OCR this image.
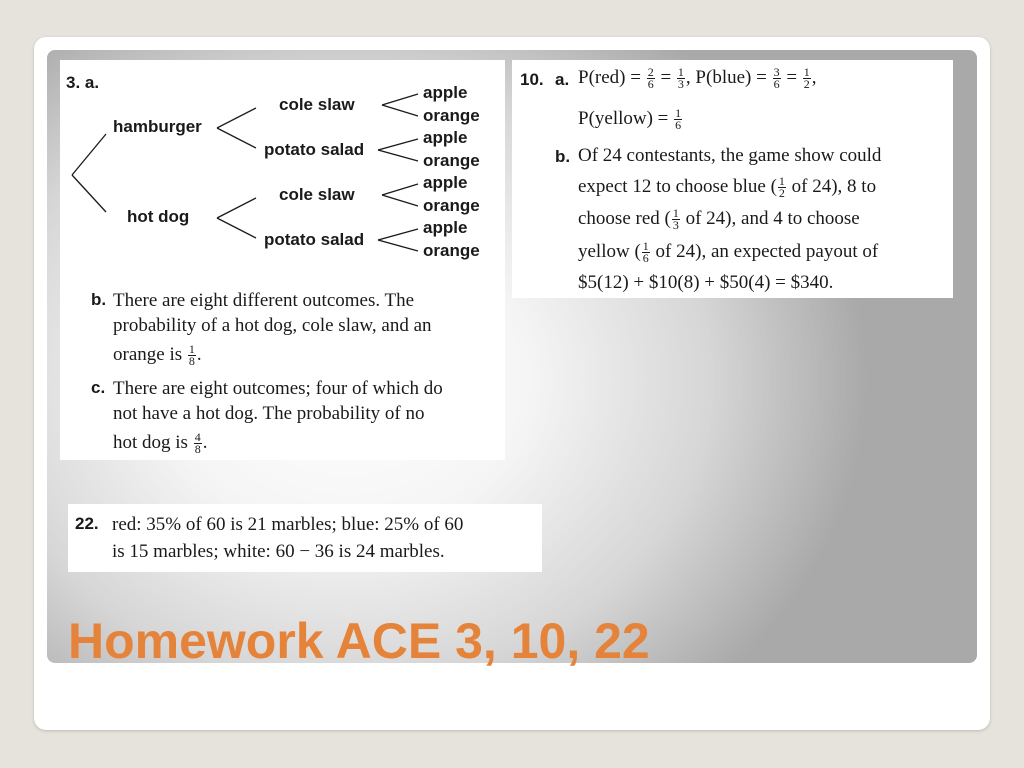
3. a.
hamburger
hot dog
cole slaw
potato salad
cole slaw
potato salad
apple
orange
apple
orange
apple
orange
apple
orange
b. There are eight different outcomes. The
probability of a hot dog, cole slaw, and an
orange is $\frac{1}{8}$ .
c. There are eight outcomes; four of which do
not have a hot dog. The probability of no
hot dog is $\frac{4}{8}$ .
10. a. $P(red) = \frac{2}{6} = \frac{1}{3}$ , P(blue) = $\frac{3}{6} = \frac{1}{2}$ ,
P(yellow) = $\frac{1}{6}$
b. Of 24 contestants, the game show could
expect 12 to choose blue ( $\frac{1}{2}$ of 24), 8 to
choose red ( $\frac{1}{3}$ of 24), and 4 to choose
yellow ( $\frac{1}{6}$ of 24), an expected payout of
$5(12) + $10(8) + $50(4) = $340.
22. red: 35% of 60 is 21 marbles; blue: 25% of 60
is 15 marbles; white: 60 − 36 is 24 marbles.
Homework ACE 3, 10, 22
